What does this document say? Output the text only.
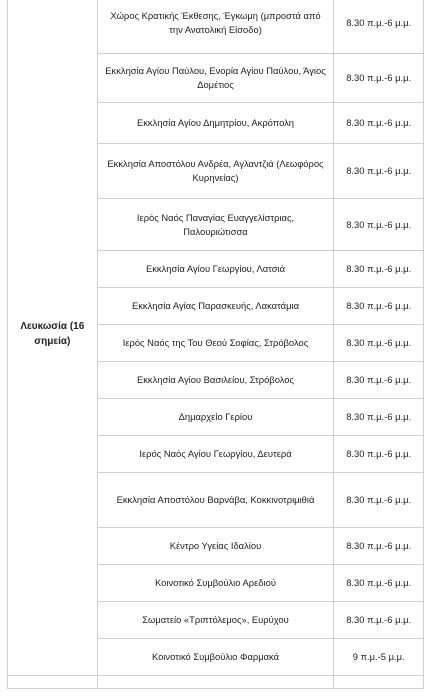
Λευκωσία (16 σημεία)	Χώρος Κρατικής Έκθεσης, Έγκωμη (μπροστά από την Ανατολική Είσοδο)	8.30 π.μ.-6 μ.μ.
	Εκκλησία Αγίου Παύλου, Ενορία Αγίου Παύλου, Άγιος Δομέτιος	8.30 π.μ.-6 μ.μ.
	Εκκλησία Αγίου Δημητρίου, Ακρόπολη	8.30 π.μ.-6 μ.μ.
	Εκκλησία Αποστόλου Ανδρέα, Αγλαντζιά (Λεωφόρος Κυρηνείας)	8.30 π.μ.-6 μ.μ.
	Ιερός Ναός Παναγίας Ευαγγελίστριας, Παλουριώτισσα	8.30 π.μ.-6 μ.μ.
	Εκκλησία Αγίου Γεωργίου, Λατσιά	8.30 π.μ.-6 μ.μ.
	Εκκλησία Αγίας Παρασκευής, Λακατάμια	8.30 π.μ.-6 μ.μ.
	Ιερός Ναός της Του Θεού Σοφίας, Στρόβολος	8.30 π.μ.-6 μ.μ.
	Εκκλησία Αγίου Βασιλείου, Στρόβολος	8.30 π.μ.-6 μ.μ.
	Δημαρχείο Γερίου	8.30 π.μ.-6 μ.μ.
	Ιερός Ναός Αγίου Γεωργίου, Δευτερά	8.30 π.μ.-6 μ.μ.
	Εκκλησία Αποστόλου Βαρνάβα, Κοκκινοτριμιθιά	8.30 π.μ.-6 μ.μ.
	Κέντρο Υγείας Ιδαλίου	8.30 π.μ.-6 μ.μ.
	Κοινοτικό Συμβούλιο Αρεδιού	8.30 π.μ.-6 μ.μ.
	Σωματείο «Τριπτόλεμος», Ευρύχου	8.30 π.μ.-6 μ.μ.
	Κοινοτικό Συμβούλιο Φαρμακά	9 π.μ.-5 μ.μ.
